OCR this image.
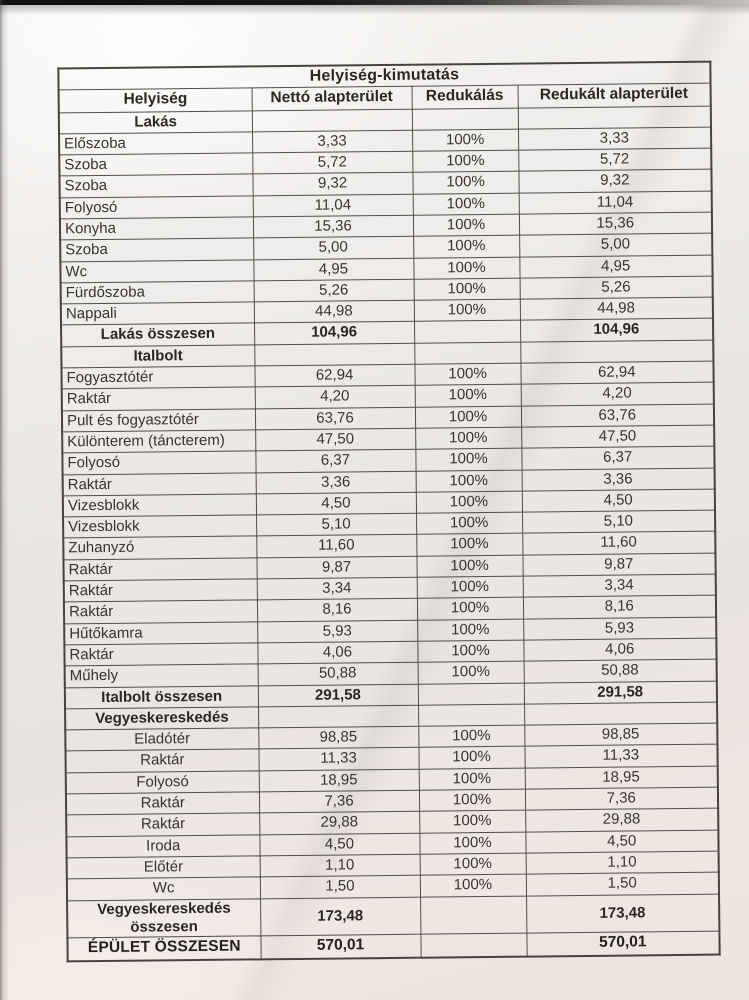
Helyiség-kimutatás			
Helyiség	Nettó alapterület	Redukálás	Redukált alapterület
Lakás			
Előszoba	3,33	100%	3,33
Szoba	5,72	100%	5,72
Szoba	9,32	100%	9,32
Folyosó	11,04	100%	11,04
Konyha	15,36	100%	15,36
Szoba	5,00	100%	5,00
Wc	4,95	100%	4,95
Fürdőszoba	5,26	100%	5,26
Nappali	44,98	100%	44,98
Lakás összesen	104,96		104,96
Italbolt			
Fogyasztótér	62,94	100%	62,94
Raktár	4,20	100%	4,20
Pult és fogyasztótér	63,76	100%	63,76
Különterem (táncterem)	47,50	100%	47,50
Folyosó	6,37	100%	6,37
Raktár	3,36	100%	3,36
Vizesblokk	4,50	100%	4,50
Vizesblokk	5,10	100%	5,10
Zuhanyzó	11,60	100%	11,60
Raktár	9,87	100%	9,87
Raktár	3,34	100%	3,34
Raktár	8,16	100%	8,16
Hűtőkamra	5,93	100%	5,93
Raktár	4,06	100%	4,06
Műhely	50,88	100%	50,88
Italbolt összesen	291,58		291,58
Vegyeskereskedés			
Eladótér	98,85	100%	98,85
Raktár	11,33	100%	11,33
Folyosó	18,95	100%	18,95
Raktár	7,36	100%	7,36
Raktár	29,88	100%	29,88
Iroda	4,50	100%	4,50
Előtér	1,10	100%	1,10
Wc	1,50	100%	1,50
Vegyeskereskedés összesen	173,48		173,48
ÉPÜLET ÖSSZESEN	570,01		570,01
